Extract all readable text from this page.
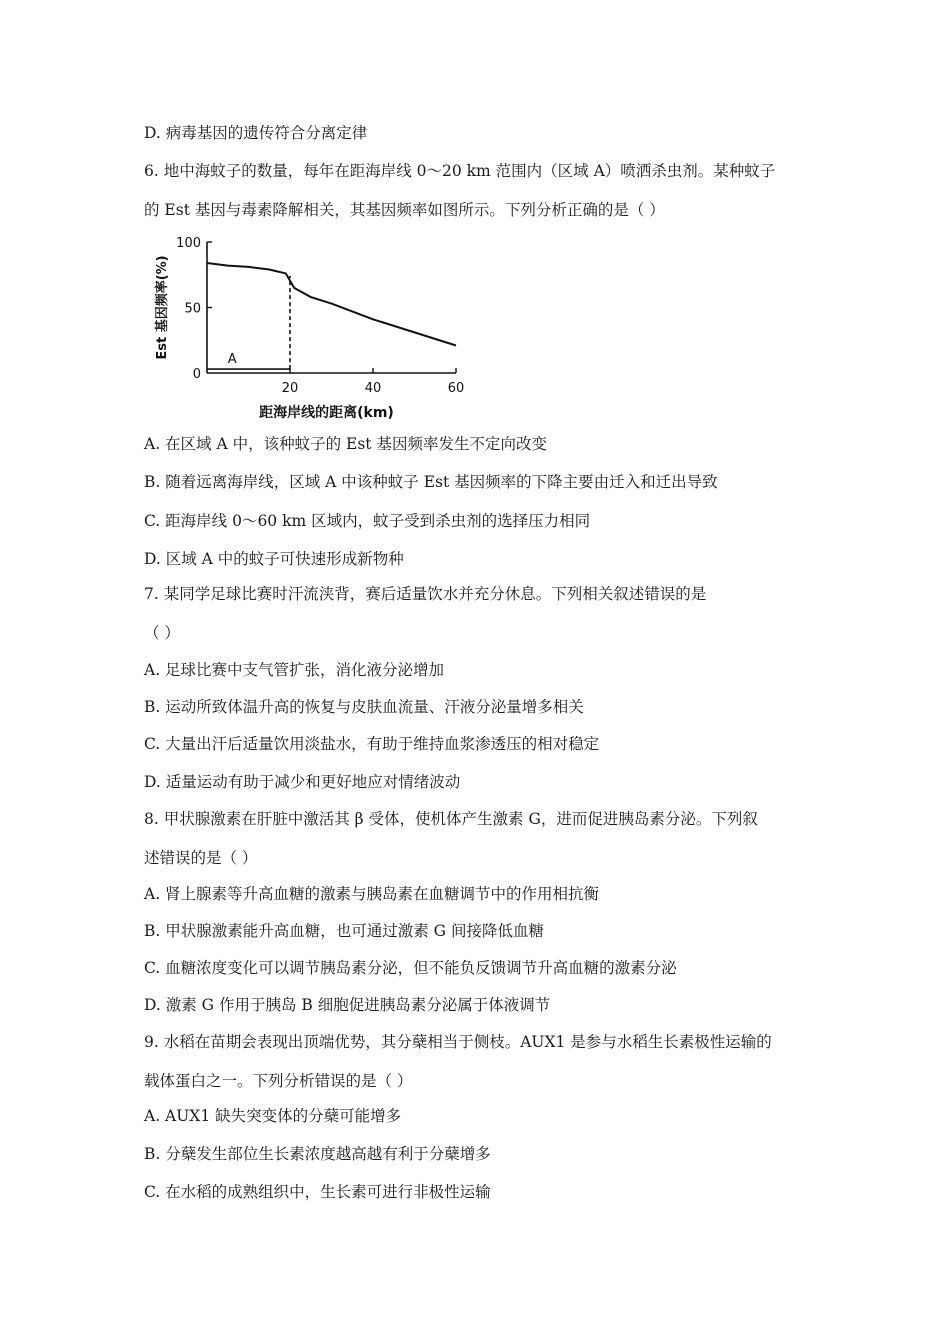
D. 病毒基因的遗传符合分离定律
6. 地中海蚊子的数量，每年在距海岸线 0～20 km 范围内（区域 A）喷洒杀虫剂。某种蚊子
的 Est 基因与毒素降解相关，其基因频率如图所示。下列分析正确的是（ ）
A. 在区域 A 中，该种蚊子的 Est 基因频率发生不定向改变
B. 随着远离海岸线，区域 A 中该种蚊子 Est 基因频率的下降主要由迁入和迁出导致
C. 距海岸线 0～60 km 区域内，蚊子受到杀虫剂的选择压力相同
D. 区域 A 中的蚊子可快速形成新物种
7. 某同学足球比赛时汗流浃背，赛后适量饮水并充分休息。下列相关叙述错误的是
（ ）
A. 足球比赛中支气管扩张，消化液分泌增加
B. 运动所致体温升高的恢复与皮肤血流量、汗液分泌量增多相关
C. 大量出汗后适量饮用淡盐水，有助于维持血浆渗透压的相对稳定
D. 适量运动有助于减少和更好地应对情绪波动
8. 甲状腺激素在肝脏中激活其 β 受体，使机体产生激素 G，进而促进胰岛素分泌。下列叙
述错误的是（ ）
A. 肾上腺素等升高血糖的激素与胰岛素在血糖调节中的作用相抗衡
B. 甲状腺激素能升高血糖，也可通过激素 G 间接降低血糖
C. 血糖浓度变化可以调节胰岛素分泌，但不能负反馈调节升高血糖的激素分泌
D. 激素 G 作用于胰岛 B 细胞促进胰岛素分泌属于体液调节
9. 水稻在苗期会表现出顶端优势，其分蘖相当于侧枝。AUX1 是参与水稻生长素极性运输的
载体蛋白之一。下列分析错误的是（ ）
A. AUX1 缺失突变体的分蘖可能增多
B. 分蘖发生部位生长素浓度越高越有利于分蘖增多
C. 在水稻的成熟组织中，生长素可进行非极性运输
0
50
100
20	40	60
Est 基因频率(%)
距海岸线的距离(km)
A
